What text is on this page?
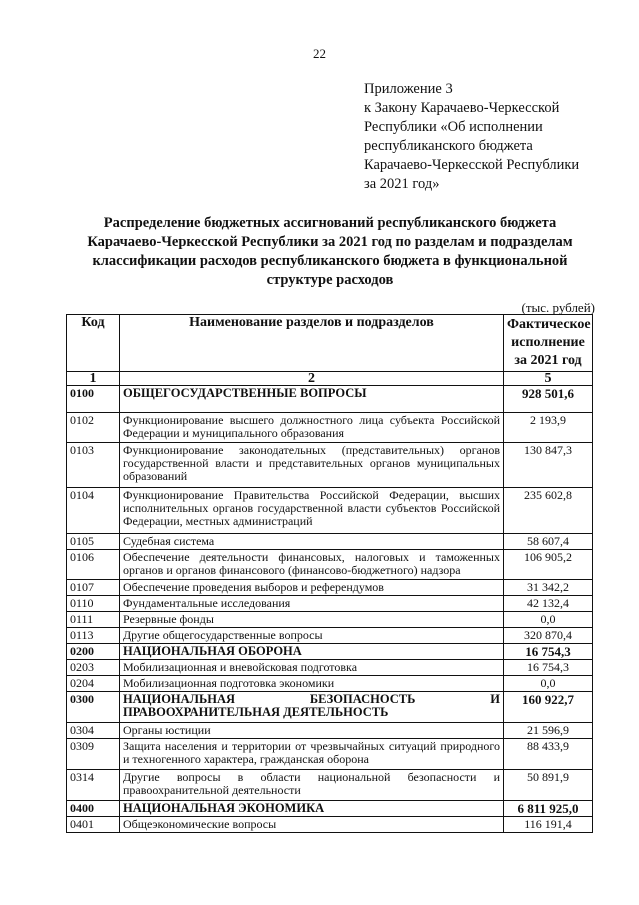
22
Приложение 3
к Закону Карачаево-Черкесской
Республики «Об исполнении
республиканского бюджета
Карачаево-Черкесской Республики
за 2021 год»
Распределение бюджетных ассигнований республиканского бюджета
Карачаево-Черкесской Республики за 2021 год по разделам и подразделам
классификации расходов республиканского бюджета в функциональной
структуре расходов
(тыс. рублей)
Код	Наименование разделов и подразделов	Фактическое
исполнение
за 2021 год

1	2	5
0100	ОБЩЕГОСУДАРСТВЕННЫЕ ВОПРОСЫ	928 501,6
0102	Функционирование высшего должностного лица субъекта Российской Федерации и муниципального образования	2 193,9
0103	Функционирование законодательных (представительных) органов государственной власти и представительных органов муниципальных образований	130 847,3
0104	Функционирование Правительства Российской Федерации, высших исполнительных органов государственной власти субъектов Российской Федерации, местных администраций	235 602,8
0105	Судебная система	58 607,4
0106	Обеспечение деятельности финансовых, налоговых и таможенных органов и органов финансового (финансово-бюджетного) надзора	106 905,2
0107	Обеспечение проведения выборов и референдумов	31 342,2
0110	Фундаментальные исследования	42 132,4
0111	Резервные фонды	0,0
0113	Другие общегосударственные вопросы	320 870,4
0200	НАЦИОНАЛЬНАЯ ОБОРОНА	16 754,3
0203	Мобилизационная и вневойсковая подготовка	16 754,3
0204	Мобилизационная подготовка экономики	0,0
0300	НАЦИОНАЛЬНАЯ БЕЗОПАСНОСТЬ И
ПРАВООХРАНИТЕЛЬНАЯ ДЕЯТЕЛЬНОСТЬ	160 922,7
0304	Органы юстиции	21 596,9
0309	Защита населения и территории от чрезвычайных ситуаций природного и техногенного характера, гражданская оборона	88 433,9
0314	Другие вопросы в области национальной безопасности и правоохранительной деятельности	50 891,9
0400	НАЦИОНАЛЬНАЯ ЭКОНОМИКА	6 811 925,0
0401	Общеэкономические вопросы	116 191,4
